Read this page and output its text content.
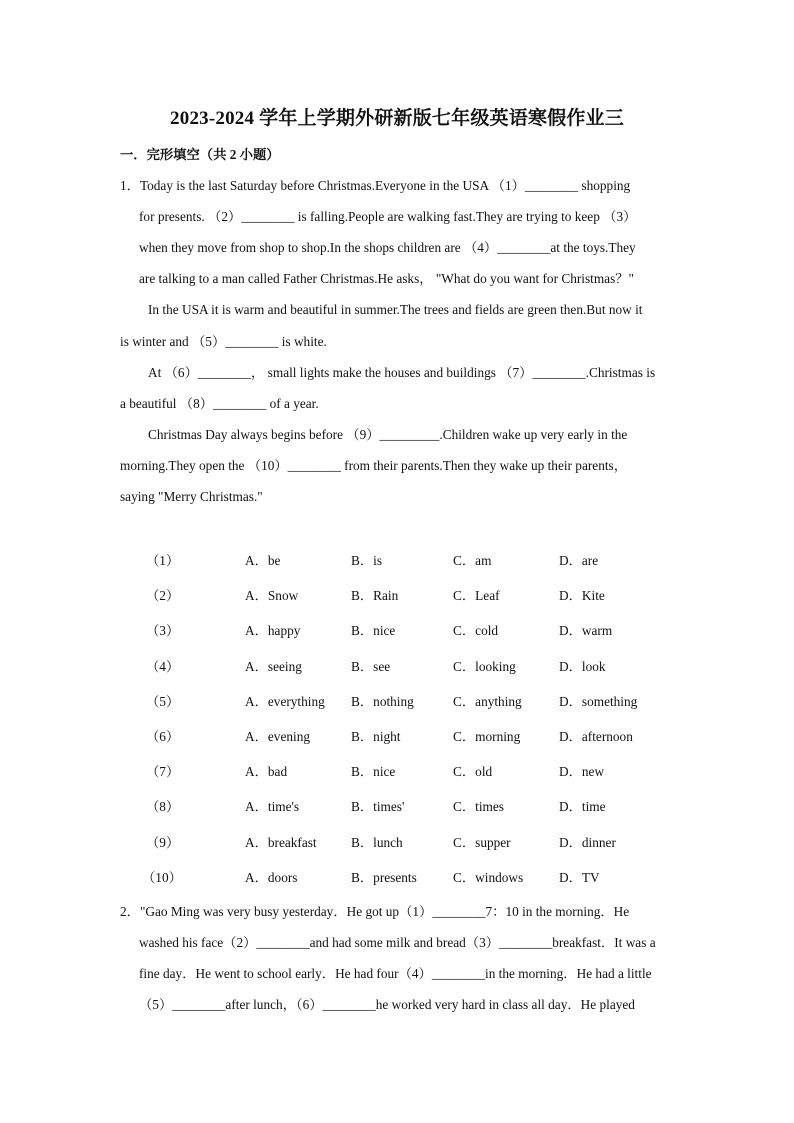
2023-2024 学年上学期外研新版七年级英语寒假作业三
一．完形填空（共 2 小题）
1．Today is the last Saturday before Christmas.Everyone in the USA （1）________ shopping
for presents. （2）________ is falling.People are walking fast.They are trying to keep （3）
when they move from shop to shop.In the shops children are （4）________at the toys.They
are talking to a man called Father Christmas.He asks， "What do you want for Christmas？"
In the USA it is warm and beautiful in summer.The trees and fields are green then.But now it
is winter and （5）________ is white.
At （6）________， small lights make the houses and buildings （7）________.Christmas is
a beautiful （8）________ of a year.
Christmas Day always begins before （9）_________.Children wake up very early in the
morning.They open the （10）________ from their parents.Then they wake up their parents，
saying "Merry Christmas."
（1）	A．be	B．is	C．am	D．are
（2）	A．Snow	B．Rain	C．Leaf	D．Kite
（3）	A．happy	B．nice	C．cold	D．warm
（4）	A．seeing	B．see	C．looking	D．look
（5）	A．everything B．nothing	C．anything	D．something
（6）	A．evening	B．night	C．morning	D．afternoon
（7）	A．bad	B．nice	C．old	D．new
（8）	A．time's	B．times'	C．times	D．time
（9）	A．breakfast	B．lunch	C．supper	D．dinner
（10）	A．doors	B．presents	C．windows	D．TV
2．"Gao Ming was very busy yesterday．He got up（1）________7：10 in the morning．He
washed his face（2）________and had some milk and bread（3）________breakfast．It was a
fine day．He went to school early．He had four（4）________in the morning．He had a little
（5）________after lunch，（6）________he worked very hard in class all day．He played
